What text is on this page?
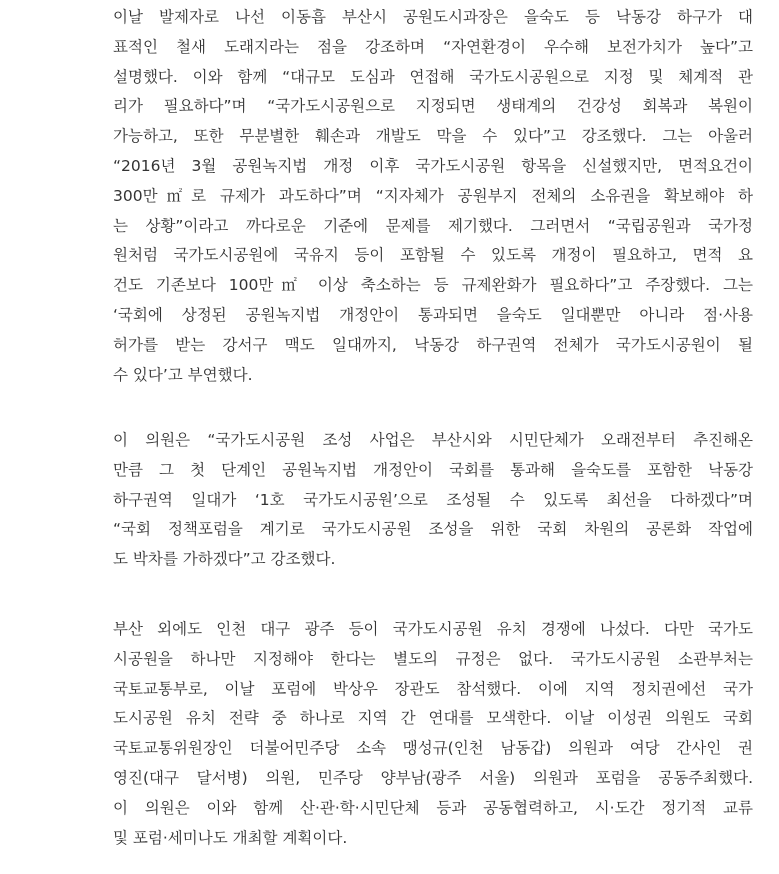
이날 발제자로 나선 이동흡 부산시 공원도시과장은 을숙도 등 낙동강 하구가 대
표적인 철새 도래지라는 점을 강조하며 “자연환경이 우수해 보전가치가 높다”고
설명했다. 이와 함께 “대규모 도심과 연접해 국가도시공원으로 지정 및 체계적 관
리가 필요하다”며 “국가도시공원으로 지정되면 생태계의 건강성 회복과 복원이
가능하고, 또한 무분별한 훼손과 개발도 막을 수 있다”고 강조했다. 그는 아울러
“2016년 3월 공원녹지법 개정 이후 국가도시공원 항목을 신설했지만, 면적요건이
300만㎡로 규제가 과도하다”며 “지자체가 공원부지 전체의 소유권을 확보해야 하
는 상황”이라고 까다로운 기준에 문제를 제기했다. 그러면서 “국립공원과 국가정
원처럼 국가도시공원에 국유지 등이 포함될 수 있도록 개정이 필요하고, 면적 요
건도 기존보다 100만㎡ 이상 축소하는 등 규제완화가 필요하다”고 주장했다. 그는
‘국회에 상정된 공원녹지법 개정안이 통과되면 을숙도 일대뿐만 아니라 점·사용
허가를 받는 강서구 맥도 일대까지, 낙동강 하구권역 전체가 국가도시공원이 될
수 있다’고 부연했다.
이 의원은 “국가도시공원 조성 사업은 부산시와 시민단체가 오래전부터 추진해온
만큼 그 첫 단계인 공원녹지법 개정안이 국회를 통과해 을숙도를 포함한 낙동강
하구권역 일대가 ‘1호 국가도시공원’으로 조성될 수 있도록 최선을 다하겠다”며
“국회 정책포럼을 계기로 국가도시공원 조성을 위한 국회 차원의 공론화 작업에
도 박차를 가하겠다”고 강조했다.
부산 외에도 인천 대구 광주 등이 국가도시공원 유치 경쟁에 나섰다. 다만 국가도
시공원을 하나만 지정해야 한다는 별도의 규정은 없다. 국가도시공원 소관부처는
국토교통부로, 이날 포럼에 박상우 장관도 참석했다. 이에 지역 정치권에선 국가
도시공원 유치 전략 중 하나로 지역 간 연대를 모색한다. 이날 이성권 의원도 국회
국토교통위원장인 더불어민주당 소속 맹성규(인천 남동갑) 의원과 여당 간사인 권
영진(대구 달서병) 의원, 민주당 양부남(광주 서울) 의원과 포럼을 공동주최했다.
이 의원은 이와 함께 산·관·학·시민단체 등과 공동협력하고, 시·도간 정기적 교류
및 포럼·세미나도 개최할 계획이다.
